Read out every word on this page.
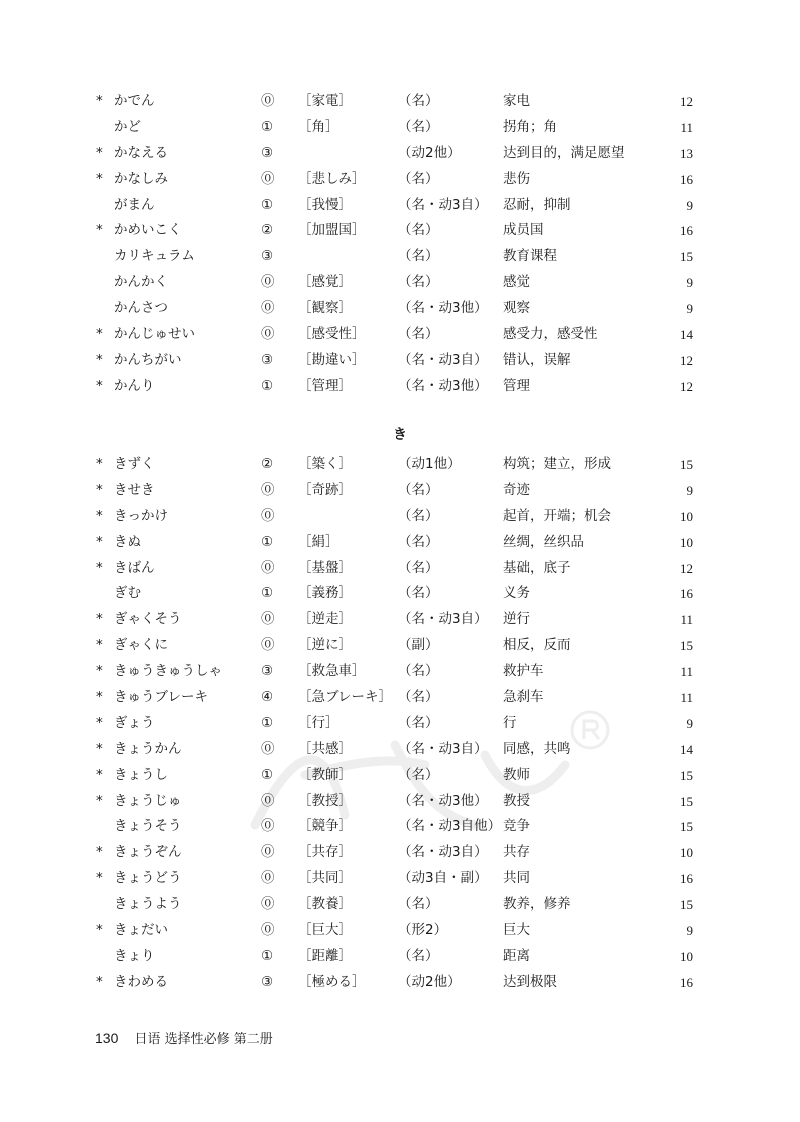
* かでん	⓪ ［家電］	（名）	家电	12
かど	① ［角］	（名）	拐角；角	11
* かなえる	③	（动2他）	达到目的，满足愿望	13
* かなしみ	⓪ ［悲しみ］ （名）	悲伤	16
がまん	① ［我慢］	（名・动3自） 忍耐，抑制	9
* かめいこく	② ［加盟国］ （名）	成员国	16
カリキュラム	③	（名）	教育课程	15
かんかく	⓪ ［感覚］	（名）	感觉	9
かんさつ	⓪ ［観察］	（名・动3他） 观察	9
* かんじゅせい	⓪ ［感受性］ （名）	感受力，感受性	14
* かんちがい	③ ［勘違い］ （名・动3自） 错认，误解	12
* かんり	① ［管理］	（名・动3他） 管理	12
き
* きずく	② ［築く］	（动1他）	构筑；建立，形成	15
* きせき	⓪ ［奇跡］	（名）	奇迹	9
* きっかけ	⓪	（名）	起首，开端；机会	10
* きぬ	① ［絹］	（名）	丝绸，丝织品	10
* きばん	⓪ ［基盤］	（名）	基础，底子	12
ぎむ	① ［義務］	（名）	义务	16
* ぎゃくそう	⓪ ［逆走］	（名・动3自） 逆行	11
* ぎゃくに	⓪ ［逆に］	（副）	相反，反而	15
* きゅうきゅうしゃ	③ ［救急車］ （名）	救护车	11
* きゅうブレーキ	④ ［急ブレーキ］ （名）	急刹车	11
* ぎょう	① ［行］	（名）	行	9
* きょうかん	⓪ ［共感］	（名・动3自） 同感，共鸣	14
* きょうし	① ［教師］	（名）	教师	15
* きょうじゅ	⓪ ［教授］	（名・动3他） 教授	15
きょうそう	⓪ ［競争］	（名・动3自他） 竞争	15
* きょうぞん	⓪ ［共存］	（名・动3自） 共存	10
* きょうどう	⓪ ［共同］	（动3自・副） 共同	16
きょうよう	⓪ ［教養］	（名）	教养，修养	15
* きょだい	⓪ ［巨大］	（形2）	巨大	9
きょり	① ［距離］	（名）	距离	10
* きわめる	③ ［極める］ （动2他）	达到极限	16
130 日语 选择性必修 第二册
